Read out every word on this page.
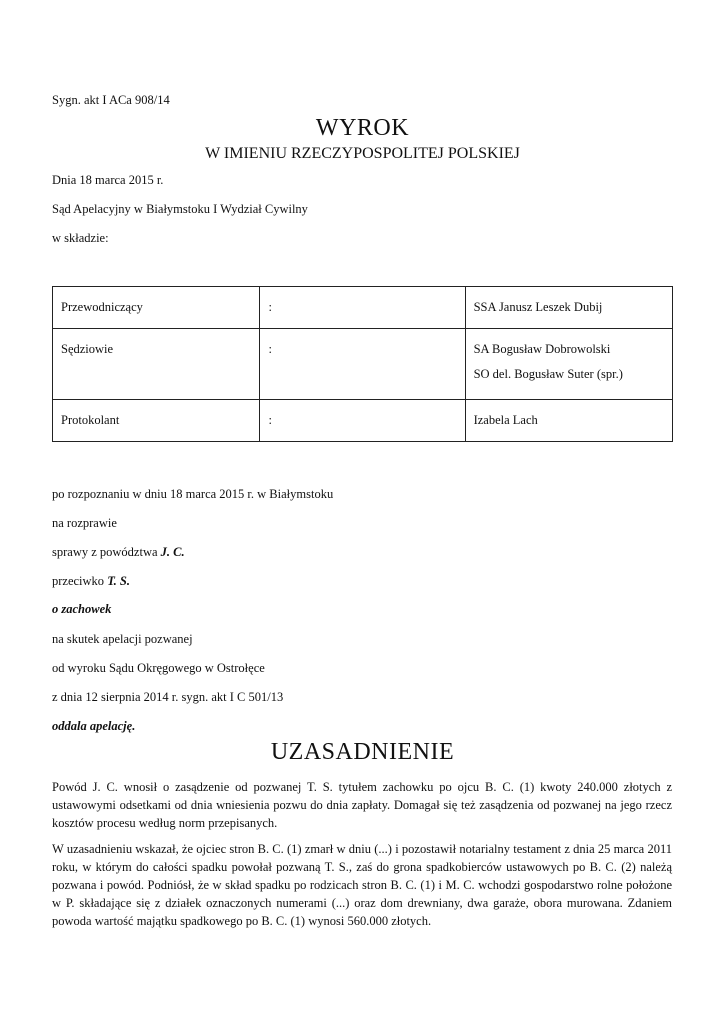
Sygn. akt I ACa 908/14
WYROK
W IMIENIU RZECZYPOSPOLITEJ POLSKIEJ
Dnia 18 marca 2015 r.
Sąd Apelacyjny w Białymstoku I Wydział Cywilny
w składzie:
Przewodniczący	:	SSA Janusz Leszek Dubij

Sędziowie	:	SA Bogusław Dobrowolski
SO del. Bogusław Suter (spr.)

Protokolant	:	Izabela Lach
po rozpoznaniu w dniu 18 marca 2015 r. w Białymstoku
na rozprawie
sprawy z powództwa J. C.
przeciwko T. S.
o zachowek
na skutek apelacji pozwanej
od wyroku Sądu Okręgowego w Ostrołęce
z dnia 12 sierpnia 2014 r. sygn. akt I C 501/13
oddala apelację.
UZASADNIENIE
Powód J. C. wnosił o zasądzenie od pozwanej T. S. tytułem zachowku po ojcu B. C. (1) kwoty 240.000 złotych z ustawowymi odsetkami od dnia wniesienia pozwu do dnia zapłaty. Domagał się też zasądzenia od pozwanej na jego rzecz kosztów procesu według norm przepisanych.
W uzasadnieniu wskazał, że ojciec stron B. C. (1) zmarł w dniu (...) i pozostawił notarialny testament z dnia 25 marca 2011 roku, w którym do całości spadku powołał pozwaną T. S., zaś do grona spadkobierców ustawowych po B. C. (2) należą pozwana i powód. Podniósł, że w skład spadku po rodzicach stron B. C. (1) i M. C. wchodzi gospodarstwo rolne położone w P. składające się z działek oznaczonych numerami (...) oraz dom drewniany, dwa garaże, obora murowana. Zdaniem powoda wartość majątku spadkowego po B. C. (1) wynosi 560.000 złotych.
